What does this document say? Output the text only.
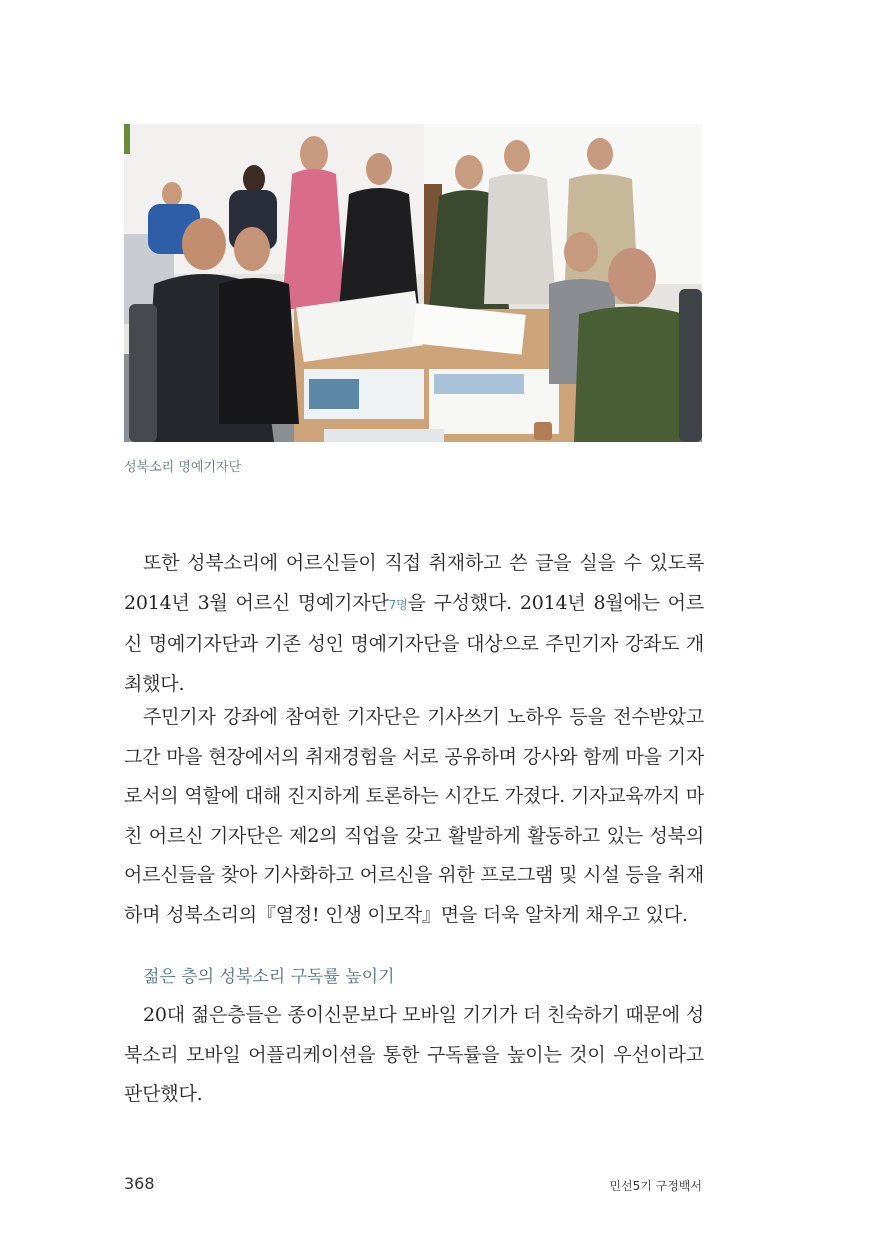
성북소리 명예기자단

또한 성북소리에 어르신들이 직접 취재하고 쓴 글을 실을 수 있도록 2014년 3월 어르신 명예기자단7명을 구성했다. 2014년 8월에는 어르신 명예기자단과 기존 성인 명예기자단을 대상으로 주민기자 강좌도 개최했다.

주민기자 강좌에 참여한 기자단은 기사쓰기 노하우 등을 전수받았고 그간 마을 현장에서의 취재경험을 서로 공유하며 강사와 함께 마을 기자로서의 역할에 대해 진지하게 토론하는 시간도 가졌다. 기자교육까지 마친 어르신 기자단은 제2의 직업을 갖고 활발하게 활동하고 있는 성북의 어르신들을 찾아 기사화하고 어르신을 위한 프로그램 및 시설 등을 취재하며 성북소리의『열정! 인생 이모작』면을 더욱 알차게 채우고 있다.

젊은 층의 성북소리 구독률 높이기

20대 젊은층들은 종이신문보다 모바일 기기가 더 친숙하기 때문에 성북소리 모바일 어플리케이션을 통한 구독률을 높이는 것이 우선이라고 판단했다.

368	민선5기 구정백서
